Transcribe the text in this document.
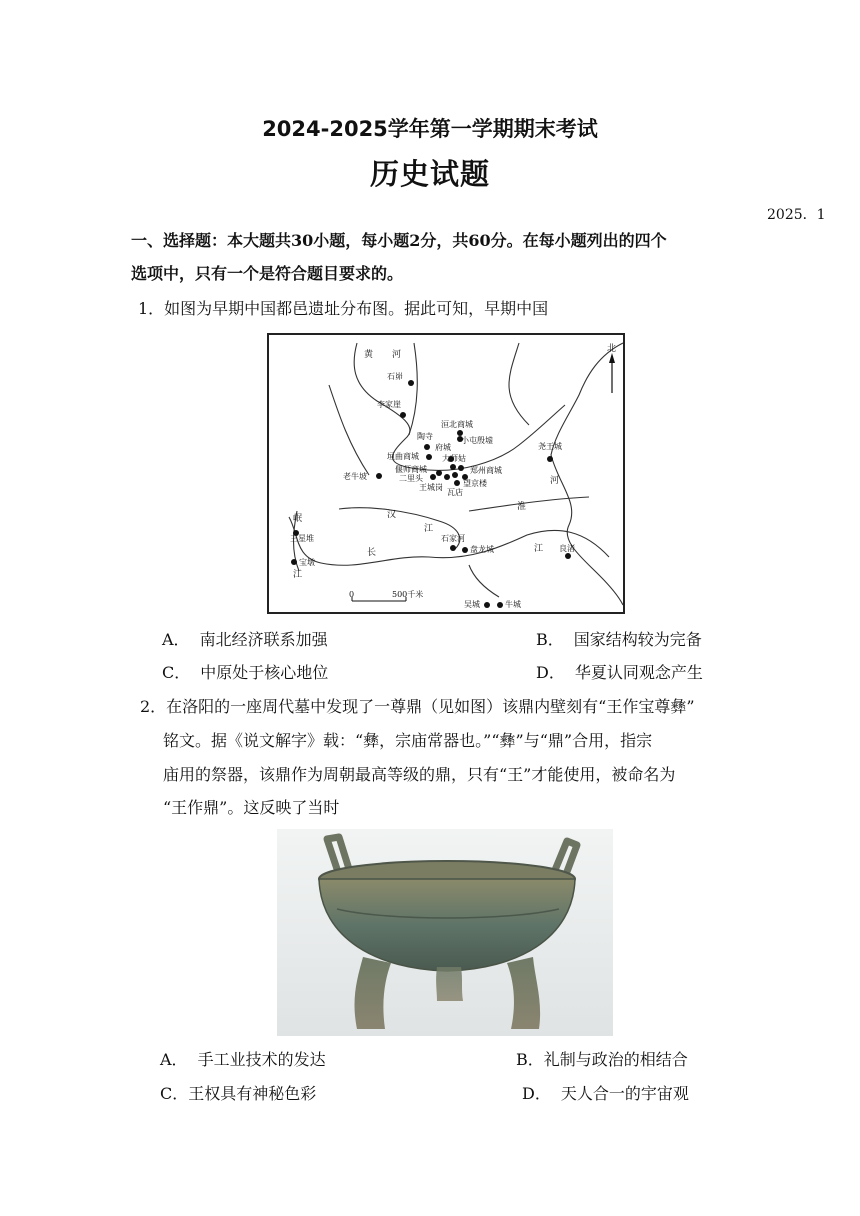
2024-2025学年第一学期期末考试
历史试题
2025．1
一、选择题：本大题共30小题，每小题2分，共60分。在每小题列出的四个
选项中，只有一个是符合题目要求的。
1．如图为早期中国都邑遗址分布图。据此可知，早期中国
北
0	500千米
黄 河
汉
江
淮
河
长	江
岷
江
石峁
李家崖
洹北商城
小屯殷墟
陶寺
府城
垣曲商城	大师姑
偃师商城	郑州商城
老牛坡	二里头
王城岗	望京楼
瓦店
尧王城
三星堆
宝墩
石家河
盘龙城	良渚
吴城	牛城
A． 南北经济联系加强	B． 国家结构较为完备
C． 中原处于核心地位	D． 华夏认同观念产生
2．在洛阳的一座周代墓中发现了一尊鼎（见如图）该鼎内壁刻有“王作宝尊彝”
铭文。据《说文解字》载：“彝，宗庙常器也。”“彝”与“鼎”合用，指宗
庙用的祭器，该鼎作为周朝最高等级的鼎，只有“王”才能使用，被命名为
“王作鼎”。这反映了当时
A． 手工业技术的发达	B．礼制与政治的相结合
C．王权具有神秘色彩	D． 天人合一的宇宙观
